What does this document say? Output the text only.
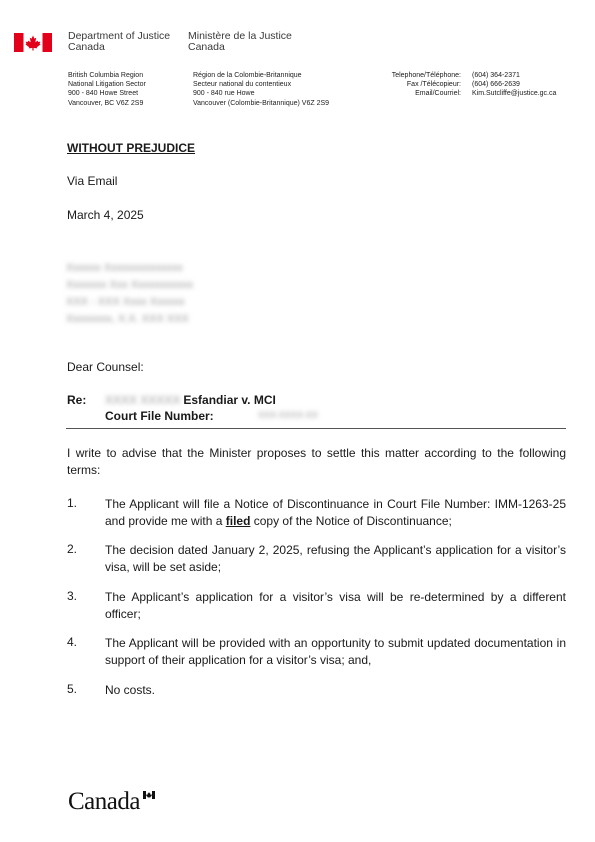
Department of Justice
Canada
Ministère de la Justice
Canada
British Columbia Region
National Litigation Sector
900 - 840 Howe Street
Vancouver, BC V6Z 2S9
Région de la Colombie-Britannique
Secteur national du contentieux
900 - 840 rue Howe
Vancouver (Colombie-Britannique) V6Z 2S9
Telephone/Téléphone:
Fax /Télécopieur:
Email/Courriel:
(604) 364-2371
(604) 666-2639
Kim.Sutcliffe@justice.gc.ca
WITHOUT PREJUDICE
Via Email
March 4, 2025
Xxxxxx Xxxxxxxxxxxxxx
Xxxxxxx Xxx Xxxxxxxxxxx
XXX - XXX Xxxx Xxxxxx
Xxxxxxxx, X.X. XXX XXX
Dear Counsel:
Re: XXXX XXXXX Esfandiar v. MCI
Court File Number:	XXX-XXXX-XX
I write to advise that the Minister proposes to settle this matter according to the following terms:
1. The Applicant will file a Notice of Discontinuance in Court File Number: IMM-1263-25 and provide me with a filed copy of the Notice of Discontinuance;
2. The decision dated January 2, 2025, refusing the Applicant’s application for a visitor’s visa, will be set aside;
3. The Applicant’s application for a visitor’s visa will be re-determined by a different officer;
4. The Applicant will be provided with an opportunity to submit updated documentation in support of their application for a visitor’s visa; and,
5. No costs.
Canada
